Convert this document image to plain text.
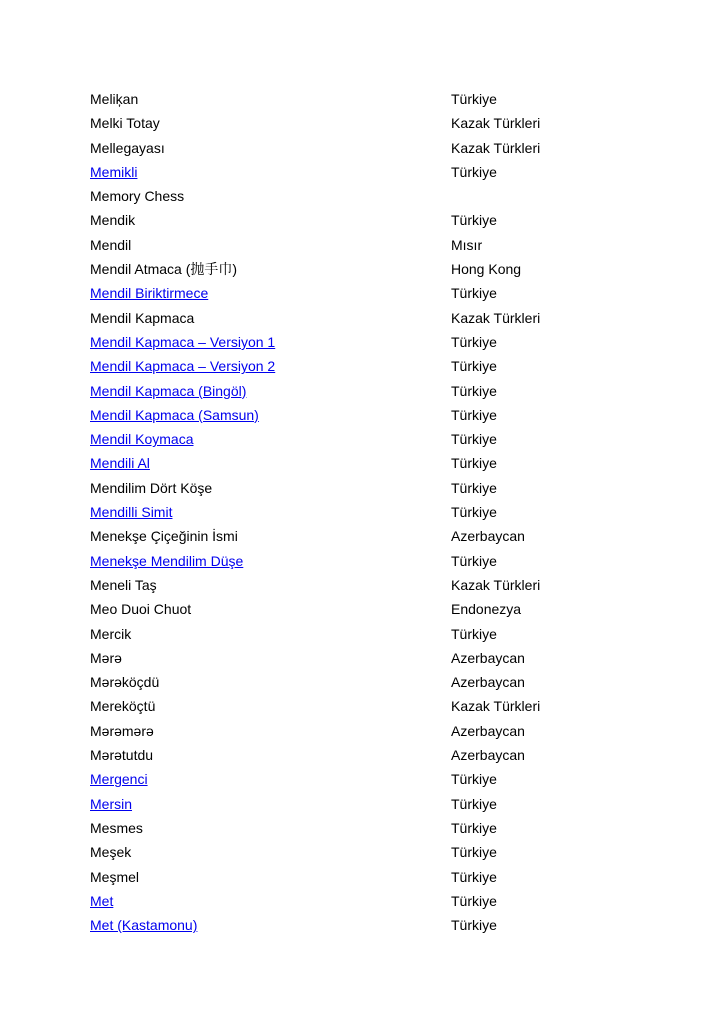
Meliķan	Türkiye
Melki Totay	Kazak Türkleri
Mellegayası	Kazak Türkleri
Memikli	Türkiye
Memory Chess
Mendik	Türkiye
Mendil	Mısır
Mendil Atmaca (抛手巾)	Hong Kong
Mendil Biriktirmece	Türkiye
Mendil Kapmaca	Kazak Türkleri
Mendil Kapmaca – Versiyon 1	Türkiye
Mendil Kapmaca – Versiyon 2	Türkiye
Mendil Kapmaca (Bingöl)	Türkiye
Mendil Kapmaca (Samsun)	Türkiye
Mendil Koymaca	Türkiye
Mendili Al	Türkiye
Mendilim Dört Köşe	Türkiye
Mendilli Simit	Türkiye
Menekşe Çiçeğinin İsmi	Azerbaycan
Menekşe Mendilim Düşe	Türkiye
Meneli Taş	Kazak Türkleri
Meo Duoi Chuot	Endonezya
Mercik	Türkiye
Mərə	Azerbaycan
Mərəköçdü	Azerbaycan
Mereköçtü	Kazak Türkleri
Mərəmərə	Azerbaycan
Mərətutdu	Azerbaycan
Mergenci	Türkiye
Mersin	Türkiye
Mesmes	Türkiye
Meşek	Türkiye
Meşmel	Türkiye
Met	Türkiye
Met (Kastamonu)	Türkiye
